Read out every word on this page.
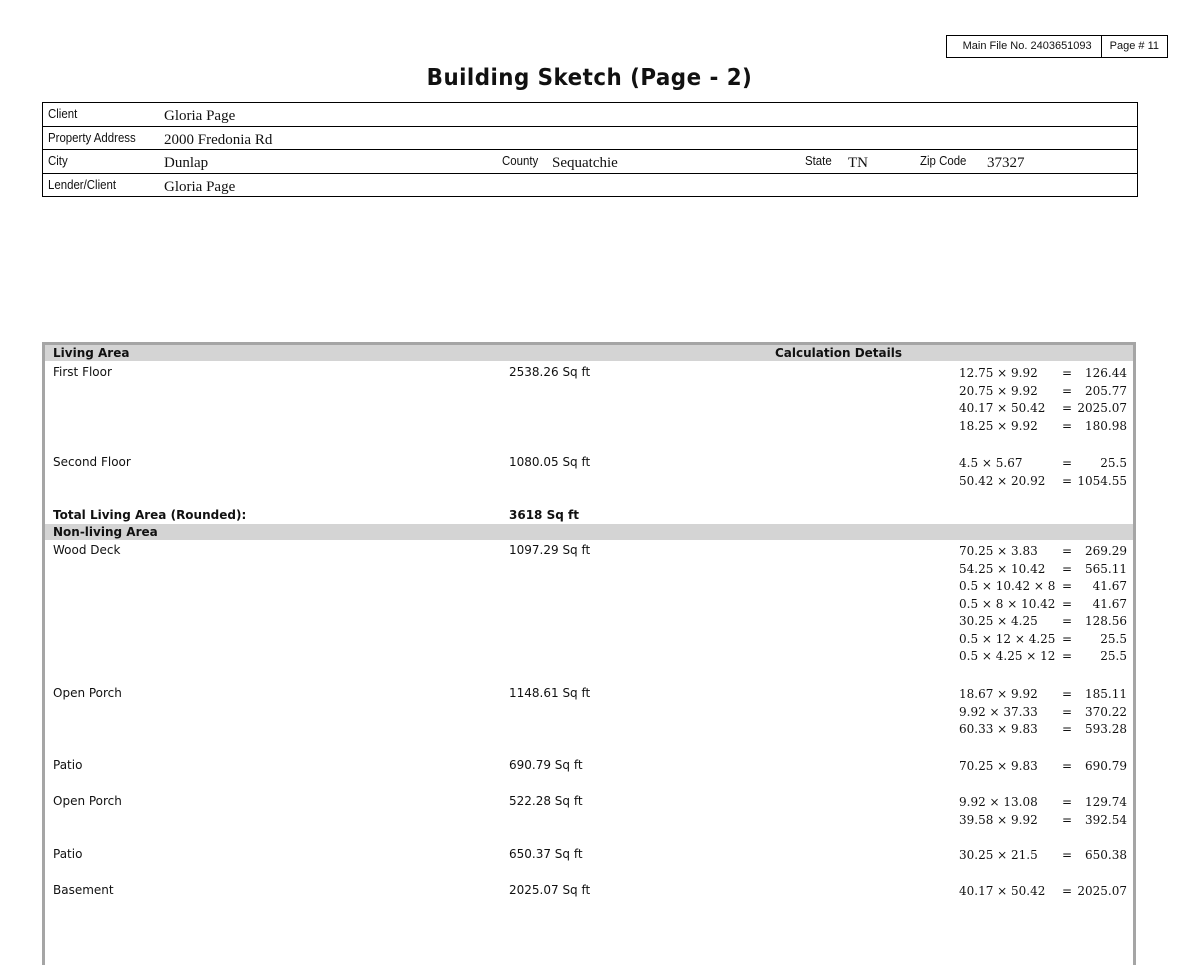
Main File No. 2403651093	Page # 11
Building Sketch (Page - 2)
Client	Gloria Page
Property Address 2000 Fredonia Rd
City	Dunlap	County Sequatchie	State TN	Zip Code 37327
Lender/Client	Gloria Page
Living Area	Calculation Details
First Floor	2538.26 Sq ft	12.75 × 9.92	=	126.44
20.75 × 9.92	=	205.77
40.17 × 50.42	= 2025.07
18.25 × 9.92	=	180.98
Second Floor	1080.05 Sq ft	4.5 × 5.67	=	25.5
50.42 × 20.92	= 1054.55
Total Living Area (Rounded):	3618 Sq ft
Non-living Area
Wood Deck	1097.29 Sq ft	70.25 × 3.83	=	269.29
54.25 × 10.42	=	565.11
0.5 × 10.42 × 8 =	41.67
0.5 × 8 × 10.42 =	41.67
30.25 × 4.25	=	128.56
0.5 × 12 × 4.25 =	25.5
0.5 × 4.25 × 12 =	25.5
Open Porch	1148.61 Sq ft	18.67 × 9.92	=	185.11
9.92 × 37.33	=	370.22
60.33 × 9.83	=	593.28
Patio	690.79 Sq ft	70.25 × 9.83	=	690.79
Open Porch	522.28 Sq ft	9.92 × 13.08	=	129.74
39.58 × 9.92	=	392.54
Patio	650.37 Sq ft	30.25 × 21.5	=	650.38
Basement	2025.07 Sq ft	40.17 × 50.42	= 2025.07
